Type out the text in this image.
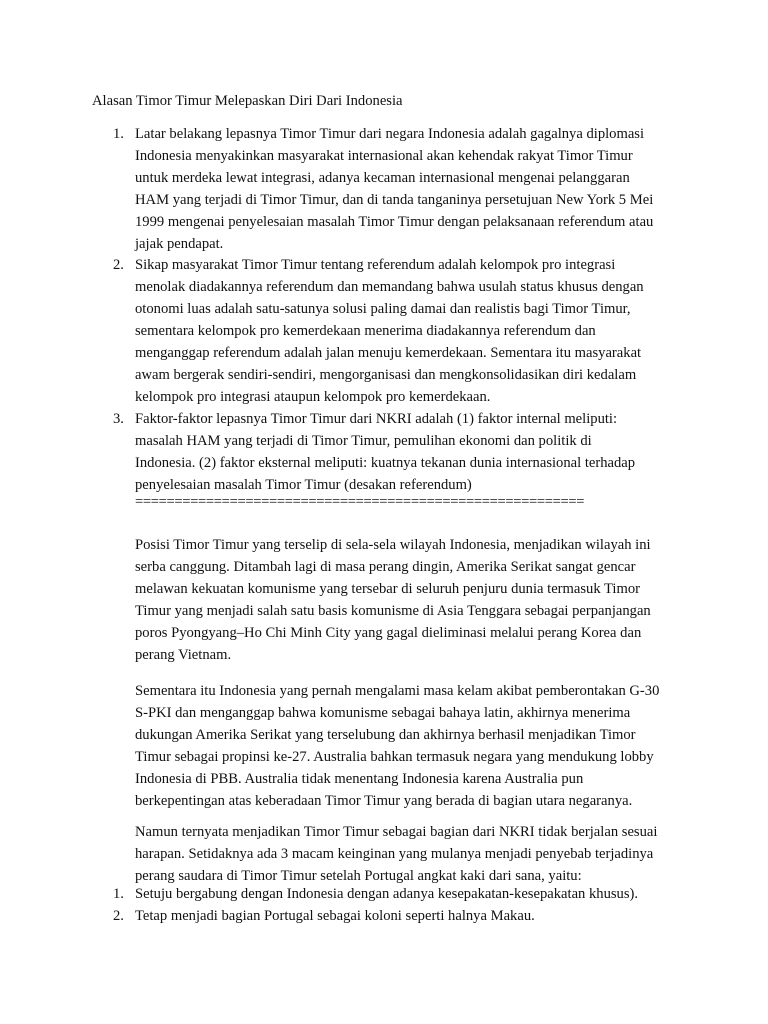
Alasan Timor Timur Melepaskan Diri Dari Indonesia
1. Latar belakang lepasnya Timor Timur dari negara Indonesia adalah gagalnya diplomasi Indonesia menyakinkan masyarakat internasional akan kehendak rakyat Timor Timur untuk merdeka lewat integrasi, adanya kecaman internasional mengenai pelanggaran HAM yang terjadi di Timor Timur, dan di tanda tanganinya persetujuan New York 5 Mei 1999 mengenai penyelesaian masalah Timor Timur dengan pelaksanaan referendum atau jajak pendapat.
2. Sikap masyarakat Timor Timur tentang referendum adalah kelompok pro integrasi menolak diadakannya referendum dan memandang bahwa usulah status khusus dengan otonomi luas adalah satu-satunya solusi paling damai dan realistis bagi Timor Timur, sementara kelompok pro kemerdekaan menerima diadakannya referendum dan menganggap referendum adalah jalan menuju kemerdekaan. Sementara itu masyarakat awam bergerak sendiri-sendiri, mengorganisasi dan mengkonsolidasikan diri kedalam kelompok pro integrasi ataupun kelompok pro kemerdekaan.
3. Faktor-faktor lepasnya Timor Timur dari NKRI adalah (1) faktor internal meliputi: masalah HAM yang terjadi di Timor Timur, pemulihan ekonomi dan politik di Indonesia. (2) faktor eksternal meliputi: kuatnya tekanan dunia internasional terhadap penyelesaian masalah Timor Timur (desakan referendum)
=========================================================

Posisi Timor Timur yang terselip di sela-sela wilayah Indonesia, menjadikan wilayah ini serba canggung. Ditambah lagi di masa perang dingin, Amerika Serikat sangat gencar melawan kekuatan komunisme yang tersebar di seluruh penjuru dunia termasuk Timor Timur yang menjadi salah satu basis komunisme di Asia Tenggara sebagai perpanjangan poros Pyongyang–Ho Chi Minh City yang gagal dieliminasi melalui perang Korea dan perang Vietnam.

Sementara itu Indonesia yang pernah mengalami masa kelam akibat pemberontakan G-30 S-PKI dan menganggap bahwa komunisme sebagai bahaya latin, akhirnya menerima dukungan Amerika Serikat yang terselubung dan akhirnya berhasil menjadikan Timor Timur sebagai propinsi ke-27. Australia bahkan termasuk negara yang mendukung lobby Indonesia di PBB. Australia tidak menentang Indonesia karena Australia pun berkepentingan atas keberadaan Timor Timur yang berada di bagian utara negaranya.

Namun ternyata menjadikan Timor Timur sebagai bagian dari NKRI tidak berjalan sesuai harapan. Setidaknya ada 3 macam keinginan yang mulanya menjadi penyebab terjadinya perang saudara di Timor Timur setelah Portugal angkat kaki dari sana, yaitu:

1. Setuju bergabung dengan Indonesia dengan adanya kesepakatan-kesepakatan khusus).
2. Tetap menjadi bagian Portugal sebagai koloni seperti halnya Makau.
